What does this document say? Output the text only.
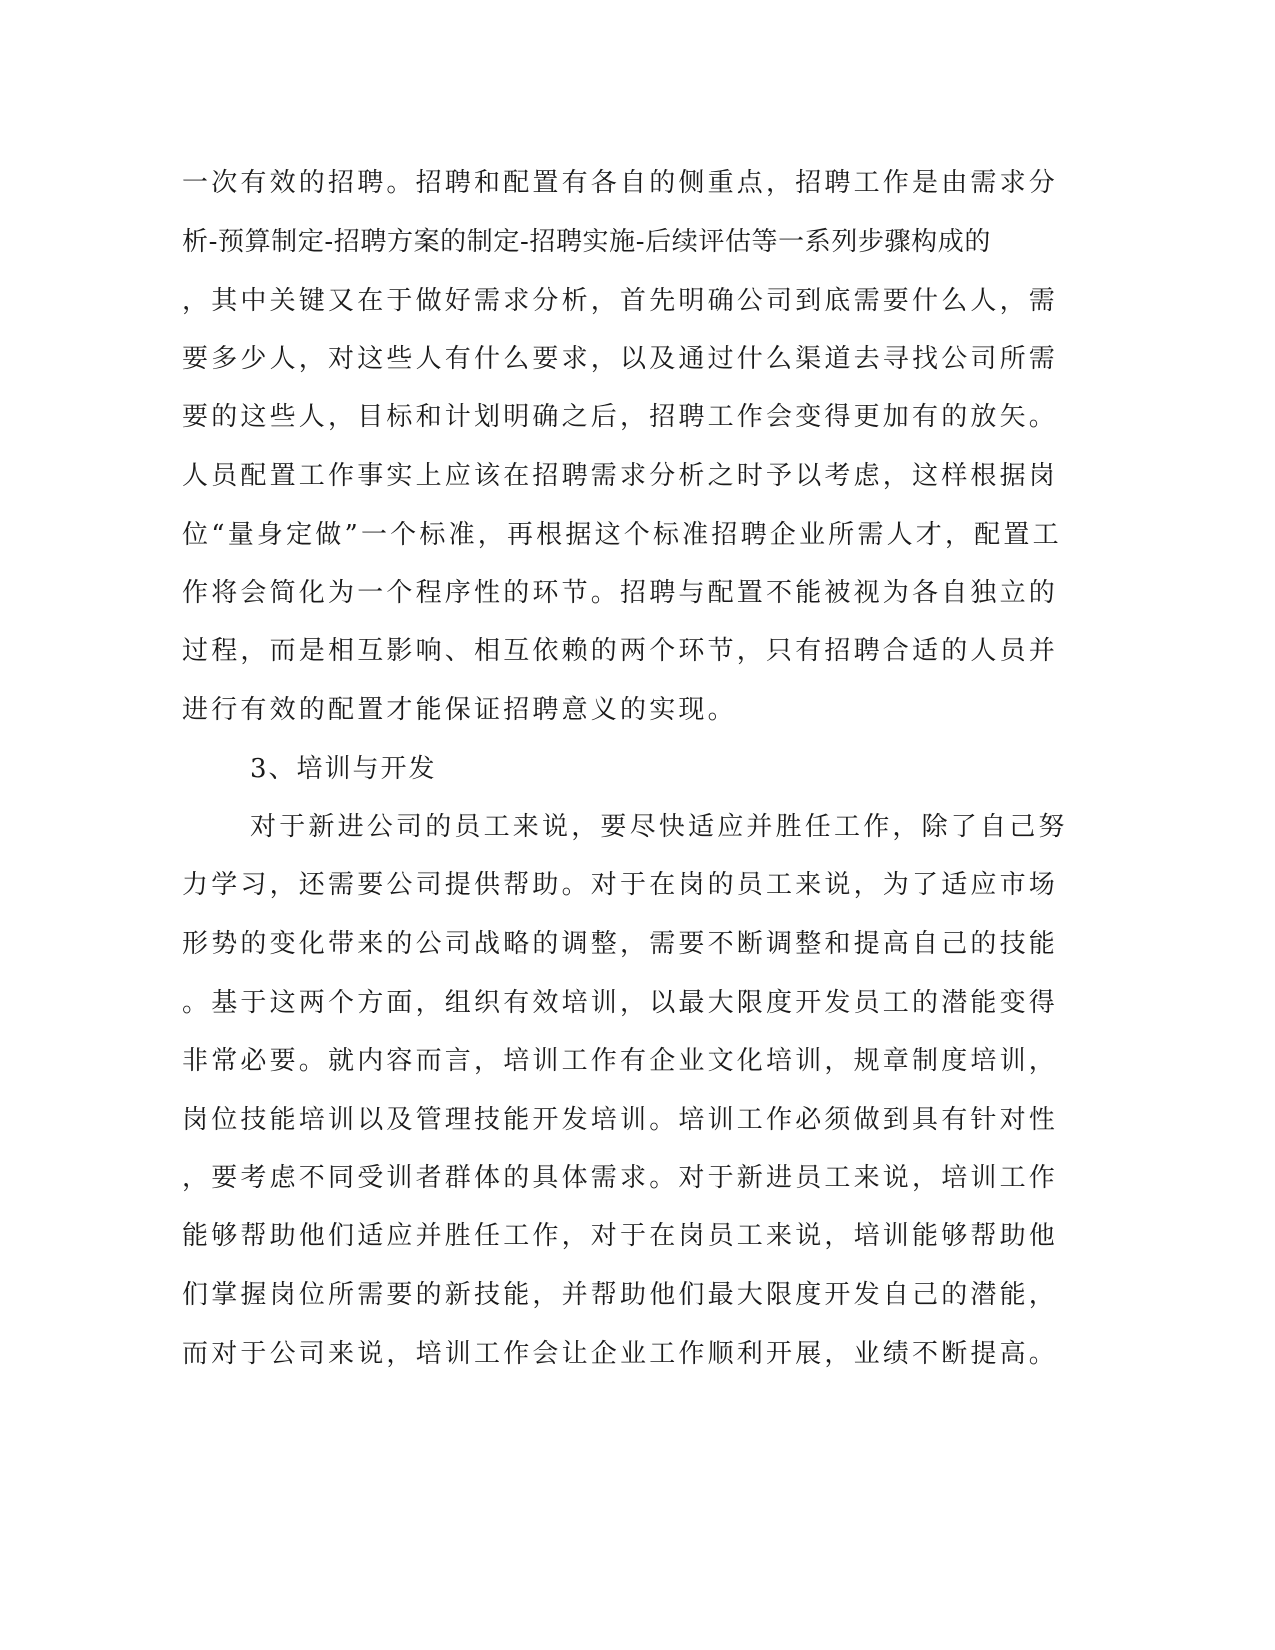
一次有效的招聘。招聘和配置有各自的侧重点，招聘工作是由需求分
析-预算制定-招聘方案的制定-招聘实施-后续评估等一系列步骤构成的
，其中关键又在于做好需求分析，首先明确公司到底需要什么人，需
要多少人，对这些人有什么要求，以及通过什么渠道去寻找公司所需
要的这些人，目标和计划明确之后，招聘工作会变得更加有的放矢。
人员配置工作事实上应该在招聘需求分析之时予以考虑，这样根据岗
位“量身定做”一个标准，再根据这个标准招聘企业所需人才，配置工
作将会简化为一个程序性的环节。招聘与配置不能被视为各自独立的
过程，而是相互影响、相互依赖的两个环节，只有招聘合适的人员并
进行有效的配置才能保证招聘意义的实现。
3、培训与开发
对于新进公司的员工来说，要尽快适应并胜任工作，除了自己努
力学习，还需要公司提供帮助。对于在岗的员工来说，为了适应市场
形势的变化带来的公司战略的调整，需要不断调整和提高自己的技能
。基于这两个方面，组织有效培训，以最大限度开发员工的潜能变得
非常必要。就内容而言，培训工作有企业文化培训，规章制度培训，
岗位技能培训以及管理技能开发培训。培训工作必须做到具有针对性
，要考虑不同受训者群体的具体需求。对于新进员工来说，培训工作
能够帮助他们适应并胜任工作，对于在岗员工来说，培训能够帮助他
们掌握岗位所需要的新技能，并帮助他们最大限度开发自己的潜能，
而对于公司来说，培训工作会让企业工作顺利开展，业绩不断提高。
